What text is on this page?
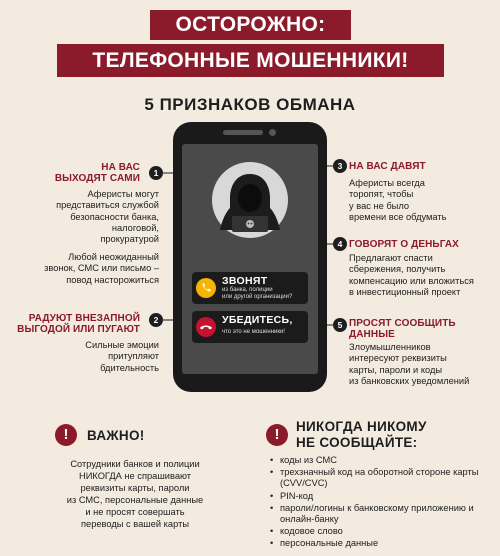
ОСТОРОЖНО:
ТЕЛЕФОННЫЕ МОШЕННИКИ!
5 ПРИЗНАКОВ ОБМАНА
НА ВАС
ВЫХОДЯТ САМИ	1
Аферисты могут
представиться службой
безопасности банка,
налоговой,
прокуратурой
Любой неожиданный
звонок, СМС или письмо –
повод насторожиться
РАДУЮТ ВНЕЗАПНОЙ
ВЫГОДОЙ ИЛИ ПУГАЮТ
2
Сильные эмоции
притупляют
бдительность
3 НА ВАС ДАВЯТ
Аферисты всегда
торопят, чтобы
у вас не было
времени все обдумать
4 ГОВОРЯТ О ДЕНЬГАХ
Предлагают спасти
сбережения, получить
компенсацию или вложиться
в инвестиционный проект
5 ПРОСЯТ СООБЩИТЬ
ДАННЫЕ
Злоумышленников
интересуют реквизиты
карты, пароли и коды
из банковских уведомлений
ЗВОНЯТ
из банка, полиции
или другой организации?
УБЕДИТЕСЬ,
что это не мошенники!
!	ВАЖНО!
Сотрудники банков и полиции
НИКОГДА не спрашивают
реквизиты карты, пароли
из СМС, персональные данные
и не просят совершать
переводы с вашей карты
!	НИКОГДА НИКОМУ
НЕ СООБЩАЙТЕ:
• коды из СМС
• трехзначный код на оборотной стороне карты (CVV/CVC)
• PIN-код
• пароли/логины к банковскому приложению и онлайн-банку
• кодовое слово
• персональные данные
